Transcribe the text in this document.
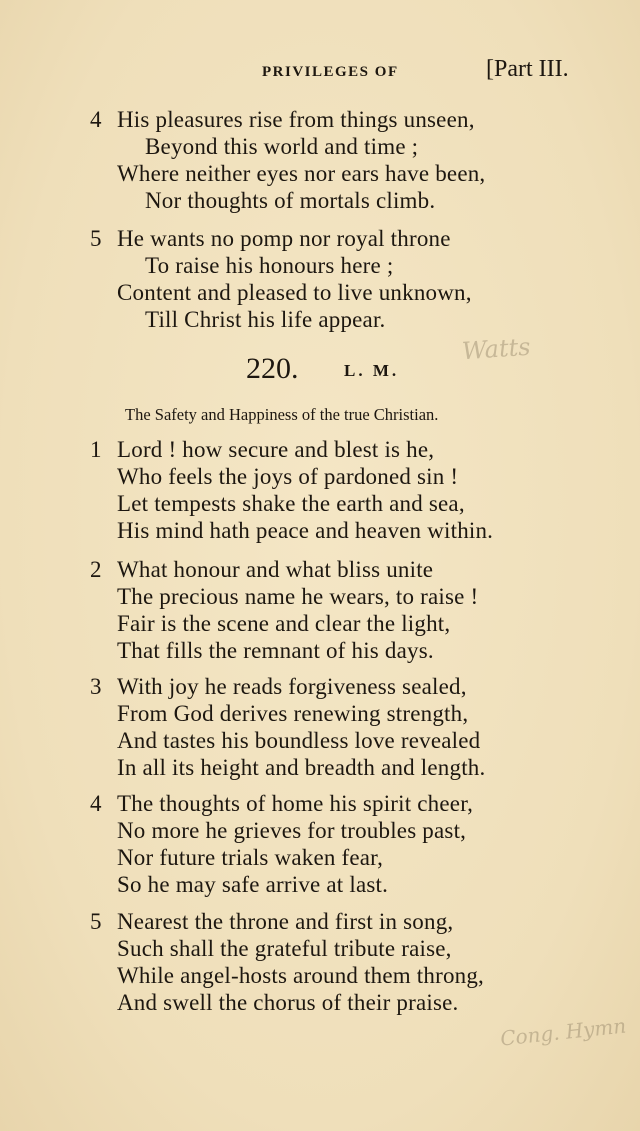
PRIVILEGES OF	[Part III.
4 His pleasures rise from things unseen,
Beyond this world and time ;
Where neither eyes nor ears have been,
Nor thoughts of mortals climb.
5 He wants no pomp nor royal throne
To raise his honours here ;
Content and pleased to live unknown,
Till Christ his life appear.
220.	L. M.
Watts
The Safety and Happiness of the true Christian.
1 Lord ! how secure and blest is he,
Who feels the joys of pardoned sin !
Let tempests shake the earth and sea,
His mind hath peace and heaven within.
2 What honour and what bliss unite
The precious name he wears, to raise !
Fair is the scene and clear the light,
That fills the remnant of his days.
3 With joy he reads forgiveness sealed,
From God derives renewing strength,
And tastes his boundless love revealed
In all its height and breadth and length.
4 The thoughts of home his spirit cheer,
No more he grieves for troubles past,
Nor future trials waken fear,
So he may safe arrive at last.
5 Nearest the throne and first in song,
Such shall the grateful tribute raise,
While angel-hosts around them throng,
And swell the chorus of their praise.
Cong. Hymn
